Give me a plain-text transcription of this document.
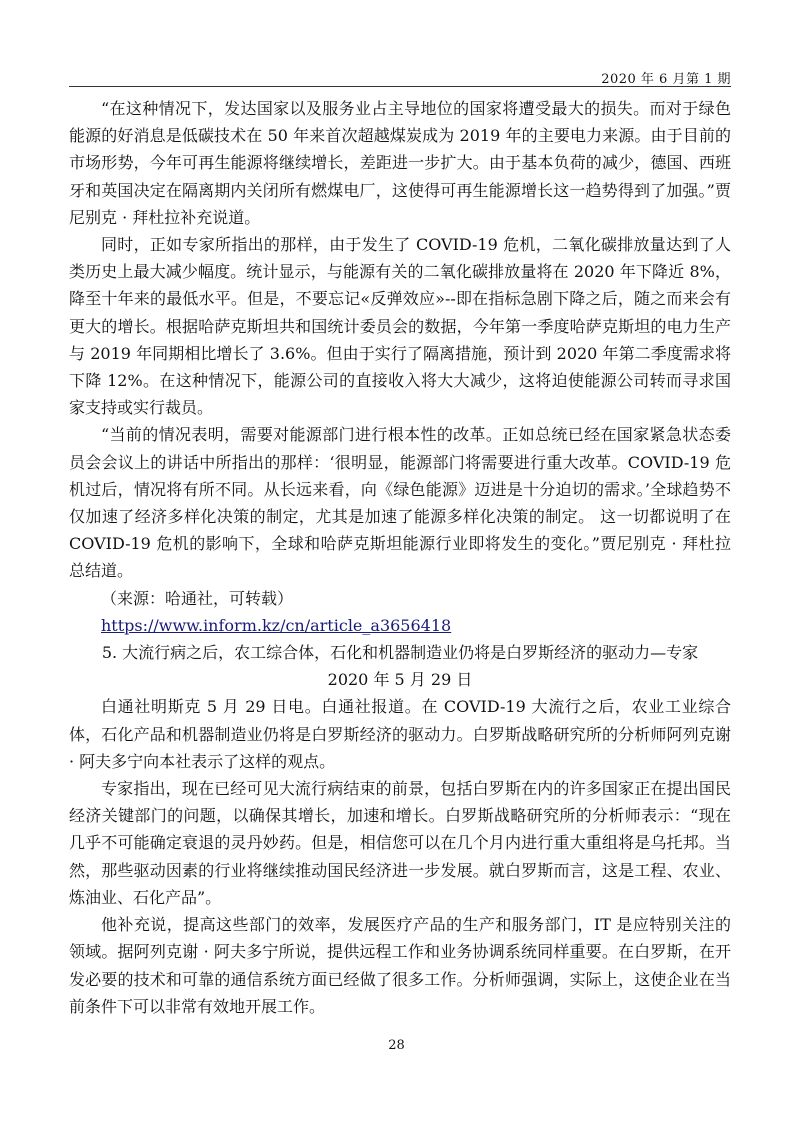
2020 年 6 月第 1 期

“在这种情况下，发达国家以及服务业占主导地位的国家将遭受最大的损失。而对于绿色能源的好消息是低碳技术在 50 年来首次超越煤炭成为 2019 年的主要电力来源。由于目前的市场形势，今年可再生能源将继续增长，差距进一步扩大。由于基本负荷的减少，德国、西班牙和英国决定在隔离期内关闭所有燃煤电厂，这使得可再生能源增长这一趋势得到了加强。”贾尼别克 · 拜杜拉补充说道。

同时，正如专家所指出的那样，由于发生了 COVID-19 危机，二氧化碳排放量达到了人类历史上最大减少幅度。统计显示，与能源有关的二氧化碳排放量将在 2020 年下降近 8%，降至十年来的最低水平。但是，不要忘记«反弹效应»--即在指标急剧下降之后，随之而来会有更大的增长。根据哈萨克斯坦共和国统计委员会的数据，今年第一季度哈萨克斯坦的电力生产与 2019 年同期相比增长了 3.6%。但由于实行了隔离措施，预计到 2020 年第二季度需求将下降 12%。在这种情况下，能源公司的直接收入将大大减少，这将迫使能源公司转而寻求国家支持或实行裁员。

“当前的情况表明，需要对能源部门进行根本性的改革。正如总统已经在国家紧急状态委员会会议上的讲话中所指出的那样：‘很明显，能源部门将需要进行重大改革。COVID-19 危机过后，情况将有所不同。从长远来看，向《绿色能源》迈进是十分迫切的需求。’全球趋势不仅加速了经济多样化决策的制定，尤其是加速了能源多样化决策的制定。 这一切都说明了在 COVID-19 危机的影响下，全球和哈萨克斯坦能源行业即将发生的变化。”贾尼别克 · 拜杜拉总结道。

（来源：哈通社，可转载）

https://www.inform.kz/cn/article_a3656418

5. 大流行病之后，农工综合体，石化和机器制造业仍将是白罗斯经济的驱动力—专家

2020 年 5 月 29 日

白通社明斯克 5 月 29 日电。白通社报道。在 COVID-19 大流行之后，农业工业综合体，石化产品和机器制造业仍将是白罗斯经济的驱动力。白罗斯战略研究所的分析师阿列克谢 · 阿夫多宁向本社表示了这样的观点。

专家指出，现在已经可见大流行病结束的前景，包括白罗斯在内的许多国家正在提出国民经济关键部门的问题，以确保其增长，加速和增长。白罗斯战略研究所的分析师表示：“现在几乎不可能确定衰退的灵丹妙药。但是，相信您可以在几个月内进行重大重组将是乌托邦。当然，那些驱动因素的行业将继续推动国民经济进一步发展。就白罗斯而言，这是工程、农业、炼油业、石化产品”。

他补充说，提高这些部门的效率，发展医疗产品的生产和服务部门，IT 是应特别关注的领域。据阿列克谢 · 阿夫多宁所说，提供远程工作和业务协调系统同样重要。在白罗斯，在开发必要的技术和可靠的通信系统方面已经做了很多工作。分析师强调，实际上，这使企业在当前条件下可以非常有效地开展工作。

28
